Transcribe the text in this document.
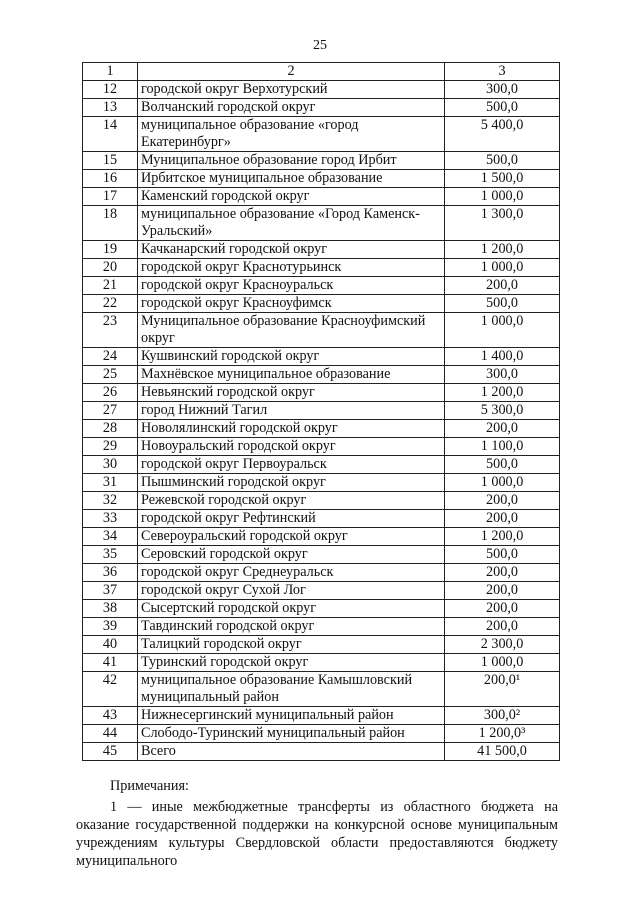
25
1	2	3
12	городской округ Верхотурский	300,0
13	Волчанский городской округ	500,0
14	муниципальное образование «город Екатеринбург»	5 400,0
15	Муниципальное образование город Ирбит	500,0
16	Ирбитское муниципальное образование	1 500,0
17	Каменский городской округ	1 000,0
18	муниципальное образование «Город Каменск-Уральский»	1 300,0
19	Качканарский городской округ	1 200,0
20	городской округ Краснотурьинск	1 000,0
21	городской округ Красноуральск	200,0
22	городской округ Красноуфимск	500,0
23	Муниципальное образование Красноуфимский округ	1 000,0
24	Кушвинский городской округ	1 400,0
25	Махнёвское муниципальное образование	300,0
26	Невьянский городской округ	1 200,0
27	город Нижний Тагил	5 300,0
28	Новолялинский городской округ	200,0
29	Новоуральский городской округ	1 100,0
30	городской округ Первоуральск	500,0
31	Пышминский городской округ	1 000,0
32	Режевской городской округ	200,0
33	городской округ Рефтинский	200,0
34	Североуральский городской округ	1 200,0
35	Серовский городской округ	500,0
36	городской округ Среднеуральск	200,0
37	городской округ Сухой Лог	200,0
38	Сысертский городской округ	200,0
39	Тавдинский городской округ	200,0
40	Талицкий городской округ	2 300,0
41	Туринский городской округ	1 000,0
42	муниципальное образование Камышловский муниципальный район	200,0¹
43	Нижнесергинский муниципальный район	300,0²
44	Слободо-Туринский муниципальный район	1 200,0³
45	Всего	41 500,0
Примечания:
1 — иные межбюджетные трансферты из областного бюджета на оказание государственной поддержки на конкурсной основе муниципальным учреждениям культуры Свердловской области предоставляются бюджету муниципального
